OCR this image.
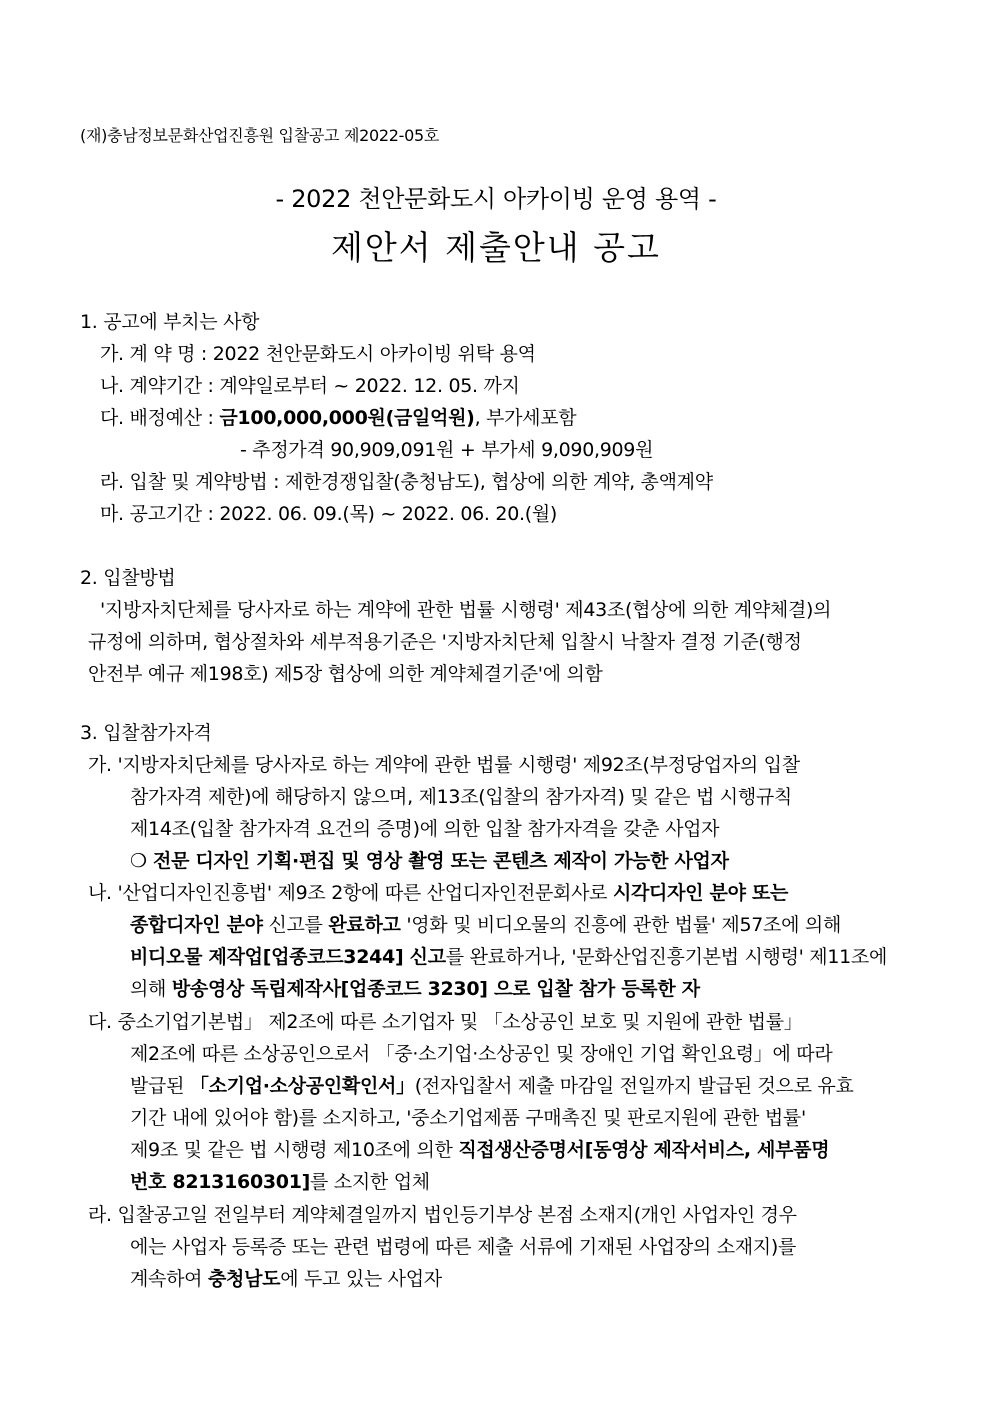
(재)충남정보문화산업진흥원 입찰공고 제2022-05호
- 2022 천안문화도시 아카이빙 운영 용역 -
제안서 제출안내 공고
1. 공고에 부치는 사항
가. 계 약 명 : 2022 천안문화도시 아카이빙 위탁 용역
나. 계약기간 : 계약일로부터 ~ 2022. 12. 05. 까지
다. 배정예산 : 금100,000,000원(금일억원), 부가세포함
- 추정가격 90,909,091원 + 부가세 9,090,909원
라. 입찰 및 계약방법 : 제한경쟁입찰(충청남도), 협상에 의한 계약, 총액계약
마. 공고기간 : 2022. 06. 09.(목) ~ 2022. 06. 20.(월)
2. 입찰방법
'지방자치단체를 당사자로 하는 계약에 관한 법률 시행령' 제43조(협상에 의한 계약체결)의
규정에 의하며, 협상절차와 세부적용기준은 '지방자치단체 입찰시 낙찰자 결정 기준(행정
안전부 예규 제198호) 제5장 협상에 의한 계약체결기준'에 의함
3. 입찰참가자격
가. '지방자치단체를 당사자로 하는 계약에 관한 법률 시행령' 제92조(부정당업자의 입찰
참가자격 제한)에 해당하지 않으며, 제13조(입찰의 참가자격) 및 같은 법 시행규칙
제14조(입찰 참가자격 요건의 증명)에 의한 입찰 참가자격을 갖춘 사업자
❍ 전문 디자인 기획·편집 및 영상 촬영 또는 콘텐츠 제작이 가능한 사업자
나. '산업디자인진흥법' 제9조 2항에 따른 산업디자인전문회사로 시각디자인 분야 또는
종합디자인 분야 신고를 완료하고 '영화 및 비디오물의 진흥에 관한 법률' 제57조에 의해
비디오물 제작업[업종코드3244] 신고를 완료하거나, '문화산업진흥기본법 시행령' 제11조에
의해 방송영상 독립제작사[업종코드 3230] 으로 입찰 참가 등록한 자
다. 중소기업기본법」 제2조에 따른 소기업자 및 「소상공인 보호 및 지원에 관한 법률」
제2조에 따른 소상공인으로서 「중·소기업·소상공인 및 장애인 기업 확인요령」에 따라
발급된 「소기업·소상공인확인서」(전자입찰서 제출 마감일 전일까지 발급된 것으로 유효
기간 내에 있어야 함)를 소지하고, '중소기업제품 구매촉진 및 판로지원에 관한 법률'
제9조 및 같은 법 시행령 제10조에 의한 직접생산증명서[동영상 제작서비스, 세부품명
번호 8213160301]를 소지한 업체
라. 입찰공고일 전일부터 계약체결일까지 법인등기부상 본점 소재지(개인 사업자인 경우
에는 사업자 등록증 또는 관련 법령에 따른 제출 서류에 기재된 사업장의 소재지)를
계속하여 충청남도에 두고 있는 사업자
